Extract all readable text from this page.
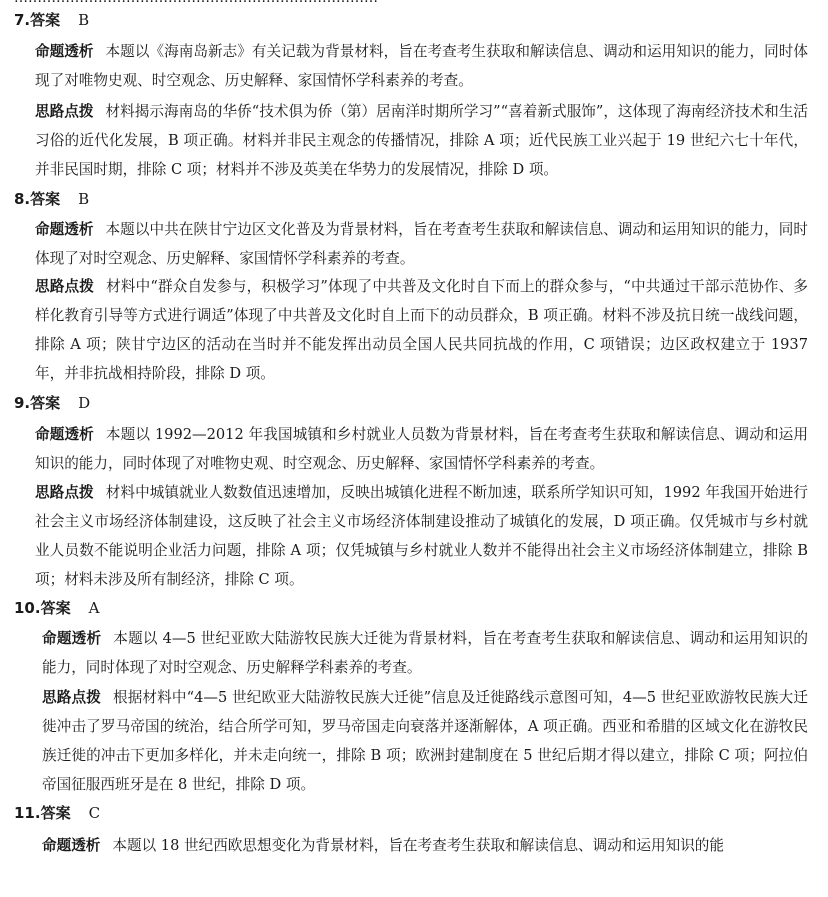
7.答案 B

命题透析 本题以《海南岛新志》有关记载为背景材料，旨在考查考生获取和解读信息、调动和运用知识的能力，同时体现了对唯物史观、时空观念、历史解释、家国情怀学科素养的考查。

思路点拨 材料揭示海南岛的华侨“技术俱为侨（第）居南洋时期所学习”“喜着新式服饰”，这体现了海南经济技术和生活习俗的近代化发展，B 项正确。材料并非民主观念的传播情况，排除 A 项；近代民族工业兴起于 19 世纪六七十年代，并非民国时期，排除 C 项；材料并不涉及英美在华势力的发展情况，排除 D 项。

8.答案 B

命题透析 本题以中共在陕甘宁边区文化普及为背景材料，旨在考查考生获取和解读信息、调动和运用知识的能力，同时体现了对时空观念、历史解释、家国情怀学科素养的考查。

思路点拨 材料中“群众自发参与，积极学习”体现了中共普及文化时自下而上的群众参与，“中共通过干部示范协作、多样化教育引导等方式进行调适”体现了中共普及文化时自上而下的动员群众，B 项正确。材料不涉及抗日统一战线问题，排除 A 项；陕甘宁边区的活动在当时并不能发挥出动员全国人民共同抗战的作用，C 项错误；边区政权建立于 1937 年，并非抗战相持阶段，排除 D 项。

9.答案 D

命题透析 本题以 1992—2012 年我国城镇和乡村就业人员数为背景材料，旨在考查考生获取和解读信息、调动和运用知识的能力，同时体现了对唯物史观、时空观念、历史解释、家国情怀学科素养的考查。

思路点拨 材料中城镇就业人数数值迅速增加，反映出城镇化进程不断加速，联系所学知识可知，1992 年我国开始进行社会主义市场经济体制建设，这反映了社会主义市场经济体制建设推动了城镇化的发展，D 项正确。仅凭城市与乡村就业人员数不能说明企业活力问题，排除 A 项；仅凭城镇与乡村就业人数并不能得出社会主义市场经济体制建立，排除 B 项；材料未涉及所有制经济，排除 C 项。

10.答案 A

命题透析 本题以 4—5 世纪亚欧大陆游牧民族大迁徙为背景材料，旨在考查考生获取和解读信息、调动和运用知识的能力，同时体现了对时空观念、历史解释学科素养的考查。

思路点拨 根据材料中“4—5 世纪欧亚大陆游牧民族大迁徙”信息及迁徙路线示意图可知，4—5 世纪亚欧游牧民族大迁徙冲击了罗马帝国的统治，结合所学可知，罗马帝国走向衰落并逐渐解体，A 项正确。西亚和希腊的区域文化在游牧民族迁徙的冲击下更加多样化，并未走向统一，排除 B 项；欧洲封建制度在 5 世纪后期才得以建立，排除 C 项；阿拉伯帝国征服西班牙是在 8 世纪，排除 D 项。

11.答案 C
命题透析 本题以 18 世纪西欧思想变化为背景材料，旨在考查考生获取和解读信息、调动和运用知识的能
